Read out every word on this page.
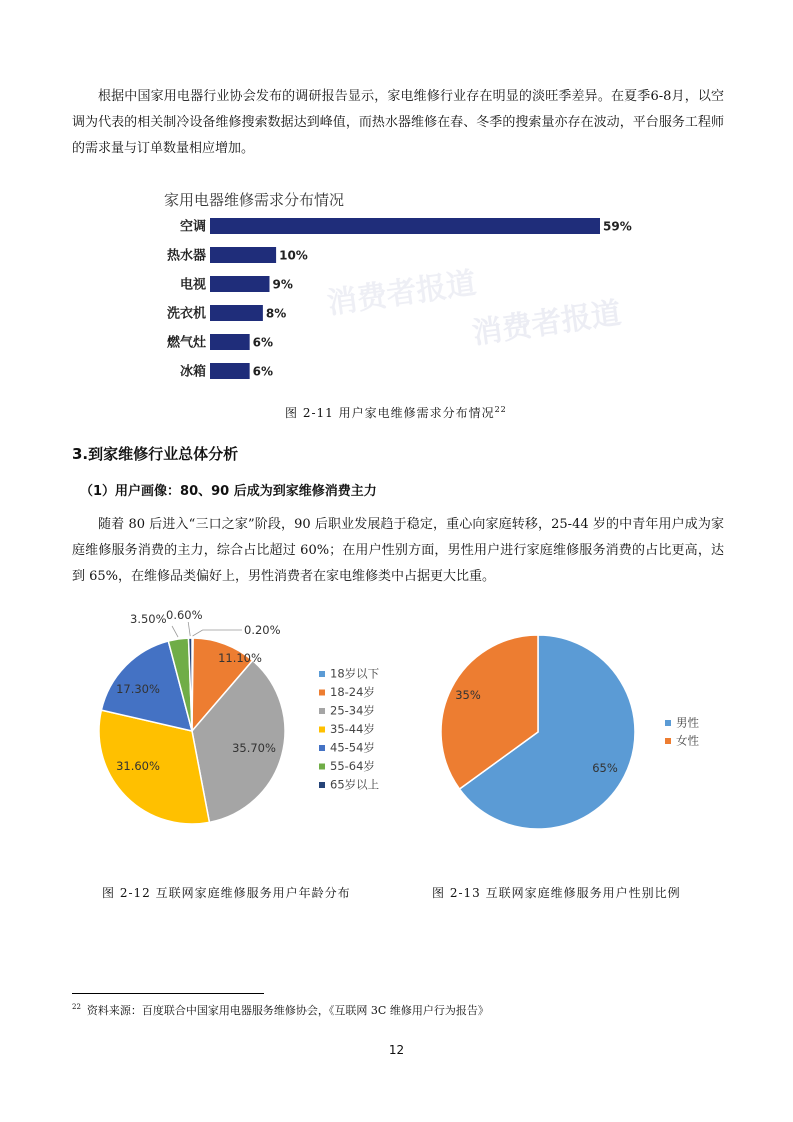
根据中国家用电器行业协会发布的调研报告显示，家电维修行业存在明显的淡旺季差异。在夏季6-8月，以空调为代表的相关制冷设备维修搜索数据达到峰值，而热水器维修在春、冬季的搜索量亦存在波动，平台服务工程师的需求量与订单数量相应增加。

家用电器维修需求分布情况
空调	59%
热水器	10%
电视	9%
洗衣机	8%
燃气灶	6%
冰箱	6%
消费者报道
消费者报道
图 2-11 用户家电维修需求分布情况$^{22}$
3.到家维修行业总体分析
（1）用户画像：80、90 后成为到家维修消费主力

随着 80 后进入“三口之家”阶段，90 后职业发展趋于稳定，重心向家庭转移，25-44 岁的中青年用户成为家庭维修服务消费的主力，综合占比超过 60%；在用户性别方面，男性用户进行家庭维修服务消费的占比更高，达到 65%，在维修品类偏好上，男性消费者在家电维修类中占据更大比重。

0.20%
11.10%
35.70%
31.60%
17.30%
3.50% 0.60%
18岁以下
18-24岁
25-34岁
35-44岁
45-54岁
55-64岁
65岁以上
65%
35%
男性
女性
图 2-12 互联网家庭维修服务用户年龄分布	图 2-13 互联网家庭维修服务用户性别比例
$^{22}$ 资料来源：百度联合中国家用电器服务维修协会，《互联网 3C 维修用户行为报告》
12
